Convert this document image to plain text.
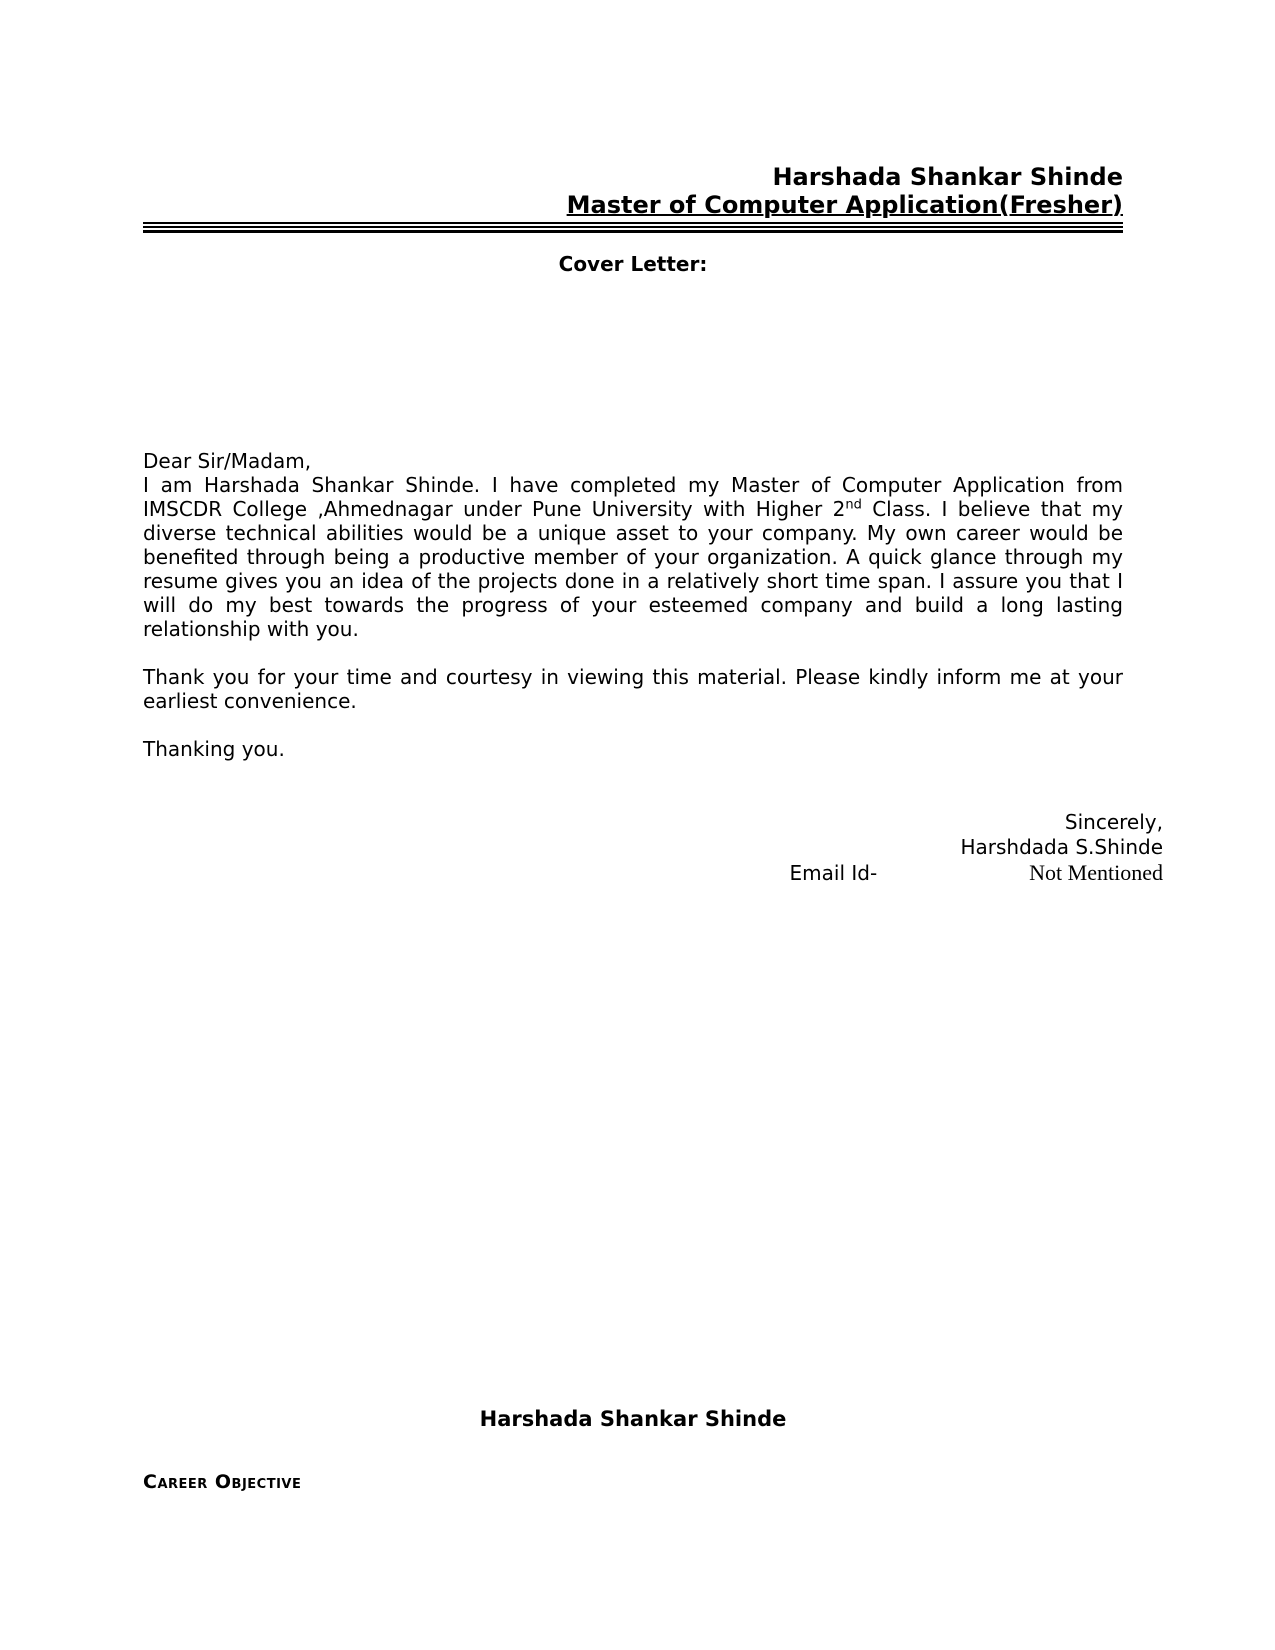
Harshada Shankar Shinde
Master of Computer Application(Fresher)
Cover Letter:
Dear Sir/Madam,

I am Harshada Shankar Shinde. I have completed my Master of Computer Application from IMSCDR College ,Ahmednagar under Pune University with Higher 2nd Class. I believe that my diverse technical abilities would be a unique asset to your company. My own career would be benefited through being a productive member of your organization. A quick glance through my resume gives you an idea of the projects done in a relatively short time span. I assure you that I will do my best towards the progress of your esteemed company and build a long lasting relationship with you.

Thank you for your time and courtesy in viewing this material. Please kindly inform me at your earliest convenience.

Thanking you.

Sincerely,
Harshdada S.Shinde
Email Id-	Not Mentioned
Harshada Shankar Shinde
Career Objective
